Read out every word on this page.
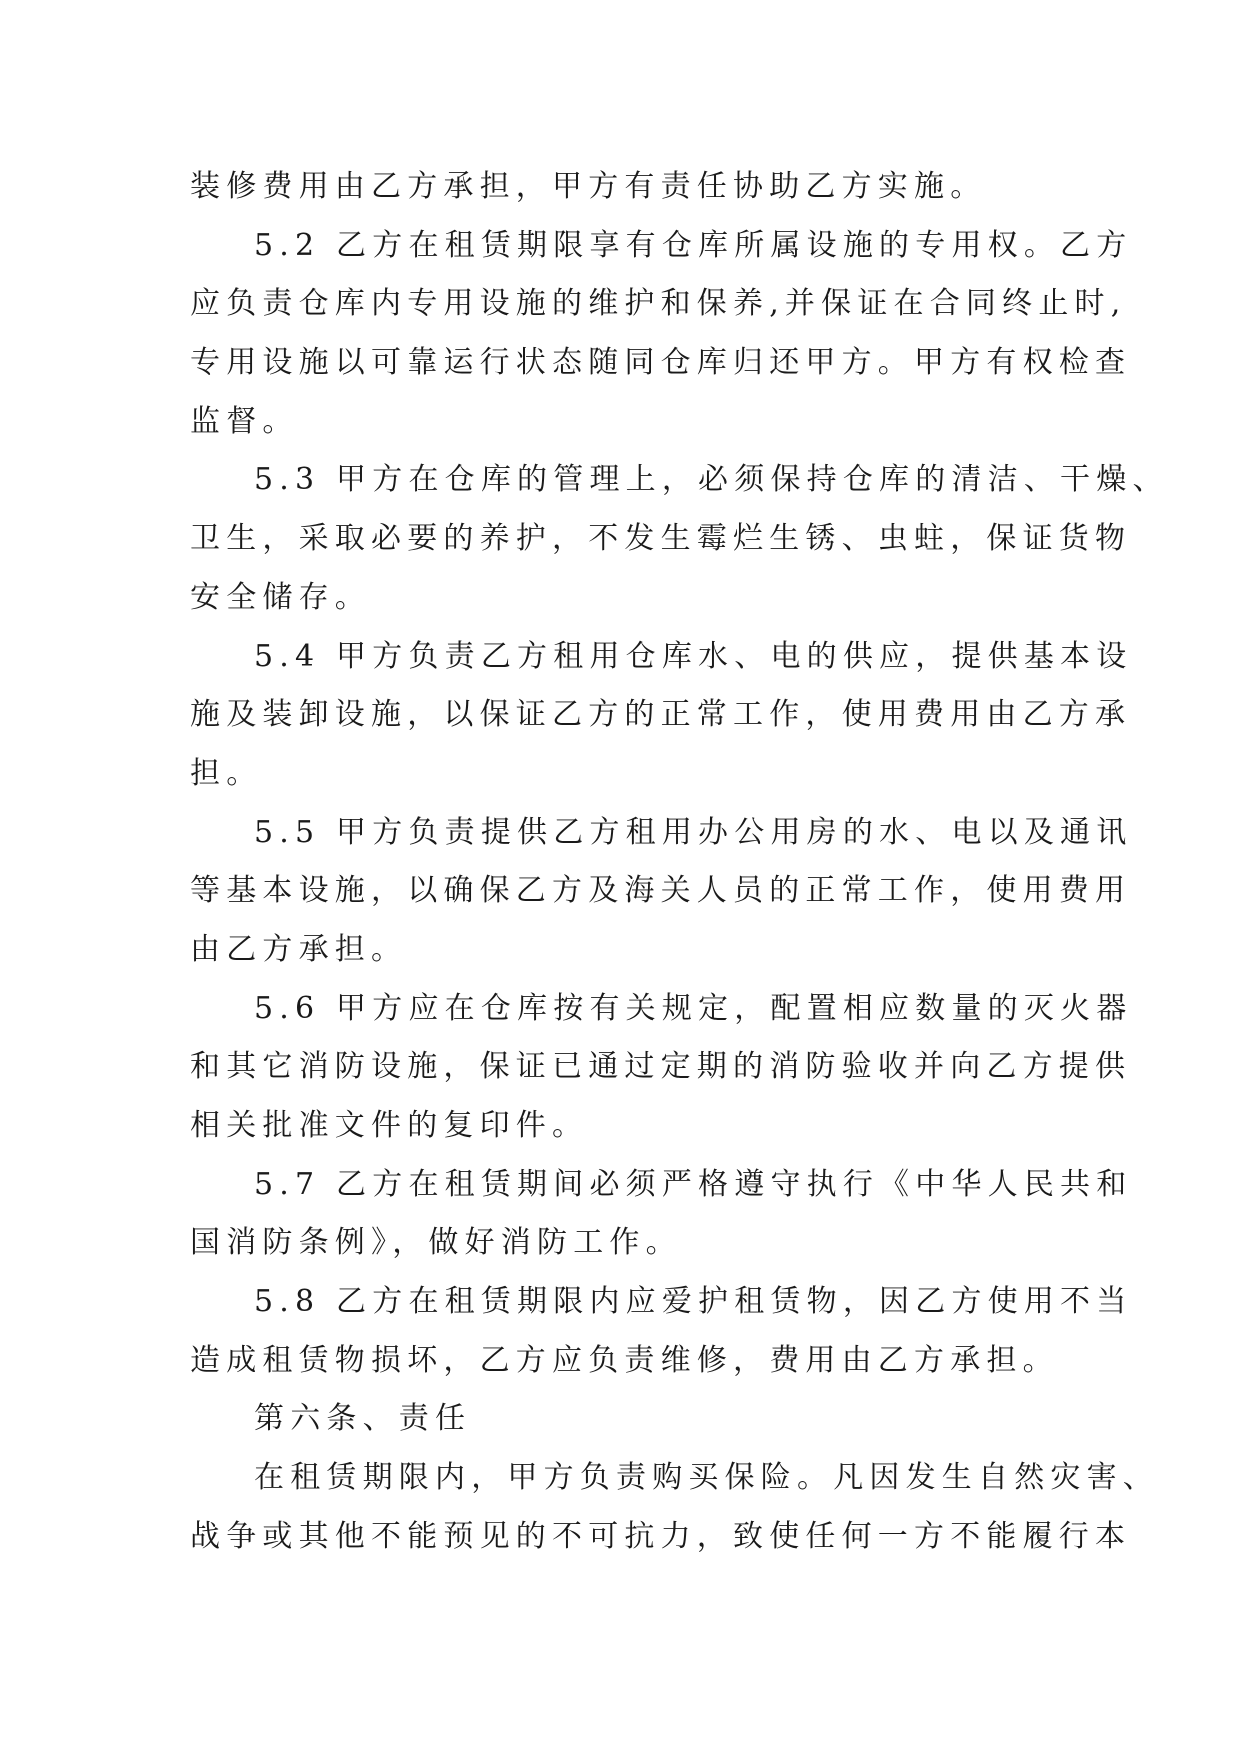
装修费用由乙方承担，甲方有责任协助乙方实施。
5.2 乙方在租赁期限享有仓库所属设施的专用权。乙方
应负责仓库内专用设施的维护和保养,并保证在合同终止时,
专用设施以可靠运行状态随同仓库归还甲方。甲方有权检查
监督。
5.3 甲方在仓库的管理上，必须保持仓库的清洁、干燥、
卫生，采取必要的养护，不发生霉烂生锈、虫蛀，保证货物
安全储存。
5.4 甲方负责乙方租用仓库水、电的供应，提供基本设
施及装卸设施，以保证乙方的正常工作，使用费用由乙方承
担。
5.5 甲方负责提供乙方租用办公用房的水、电以及通讯
等基本设施，以确保乙方及海关人员的正常工作，使用费用
由乙方承担。
5.6 甲方应在仓库按有关规定，配置相应数量的灭火器
和其它消防设施，保证已通过定期的消防验收并向乙方提供
相关批准文件的复印件。
5.7 乙方在租赁期间必须严格遵守执行《中华人民共和
国消防条例》，做好消防工作。
5.8 乙方在租赁期限内应爱护租赁物，因乙方使用不当
造成租赁物损坏，乙方应负责维修，费用由乙方承担。
第六条、责任
在租赁期限内，甲方负责购买保险。凡因发生自然灾害、
战争或其他不能预见的不可抗力，致使任何一方不能履行本
